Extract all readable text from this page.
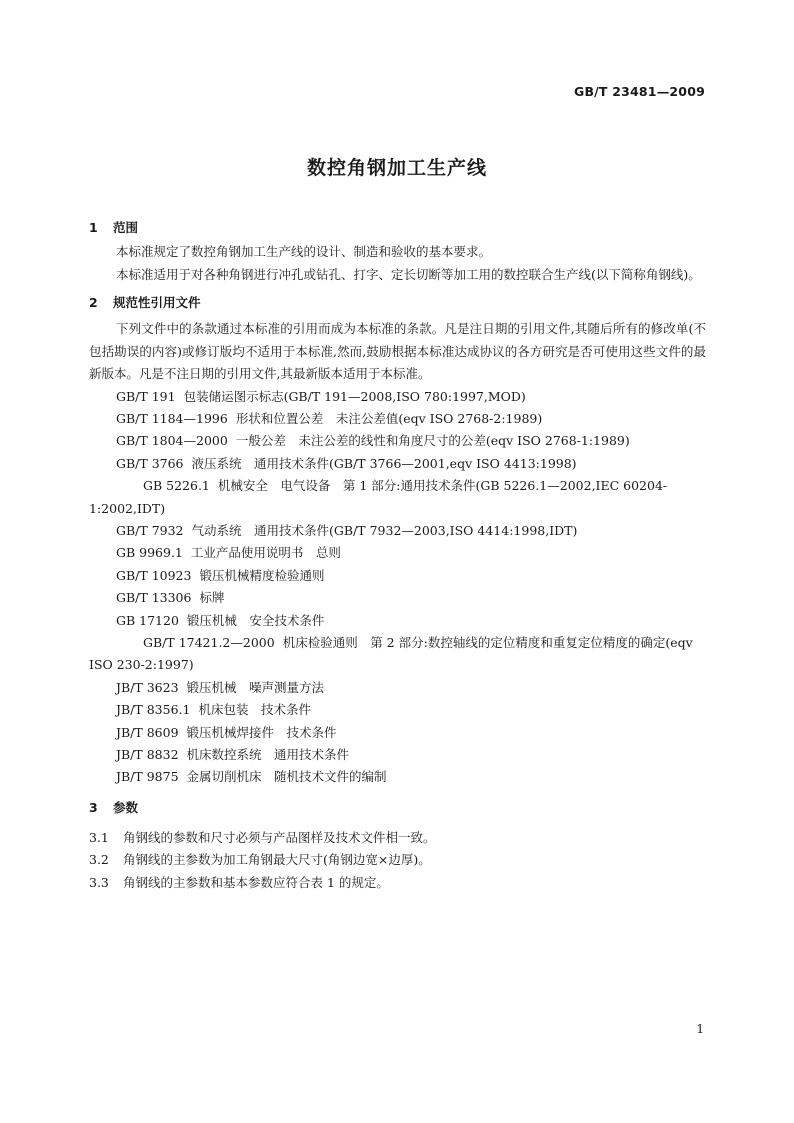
GB/T 23481—2009
数控角钢加工生产线
1 范围

本标准规定了数控角钢加工生产线的设计、制造和验收的基本要求。

本标准适用于对各种角钢进行冲孔或钻孔、打字、定长切断等加工用的数控联合生产线(以下简称角钢线)。

2 规范性引用文件

下列文件中的条款通过本标准的引用而成为本标准的条款。凡是注日期的引用文件,其随后所有的修改单(不包括勘误的内容)或修订版均不适用于本标准,然而,鼓励根据本标准达成协议的各方研究是否可使用这些文件的最新版本。凡是不注日期的引用文件,其最新版本适用于本标准。

GB/T 191 包装储运图示标志(GB/T 191—2008,ISO 780:1997,MOD)

GB/T 1184—1996 形状和位置公差　未注公差值(eqv ISO 2768-2:1989)

GB/T 1804—2000 一般公差　未注公差的线性和角度尺寸的公差(eqv ISO 2768-1:1989)

GB/T 3766 液压系统　通用技术条件(GB/T 3766—2001,eqv ISO 4413:1998)

GB 5226.1 机械安全　电气设备　第 1 部分:通用技术条件(GB 5226.1—2002,IEC 60204-1:2002,IDT)

GB/T 7932 气动系统　通用技术条件(GB/T 7932—2003,ISO 4414:1998,IDT)

GB 9969.1 工业产品使用说明书　总则

GB/T 10923 锻压机械精度检验通则

GB/T 13306 标牌

GB 17120 锻压机械　安全技术条件

GB/T 17421.2—2000 机床检验通则　第 2 部分:数控轴线的定位精度和重复定位精度的确定(eqv ISO 230-2:1997)

JB/T 3623 锻压机械　噪声测量方法

JB/T 8356.1 机床包装　技术条件

JB/T 8609 锻压机械焊接件　技术条件

JB/T 8832 机床数控系统　通用技术条件

JB/T 9875 金属切削机床　随机技术文件的编制

3 参数

3.1 角钢线的参数和尺寸必须与产品图样及技术文件相一致。

3.2 角钢线的主参数为加工角钢最大尺寸(角钢边宽×边厚)。

3.3 角钢线的主参数和基本参数应符合表 1 的规定。

1
